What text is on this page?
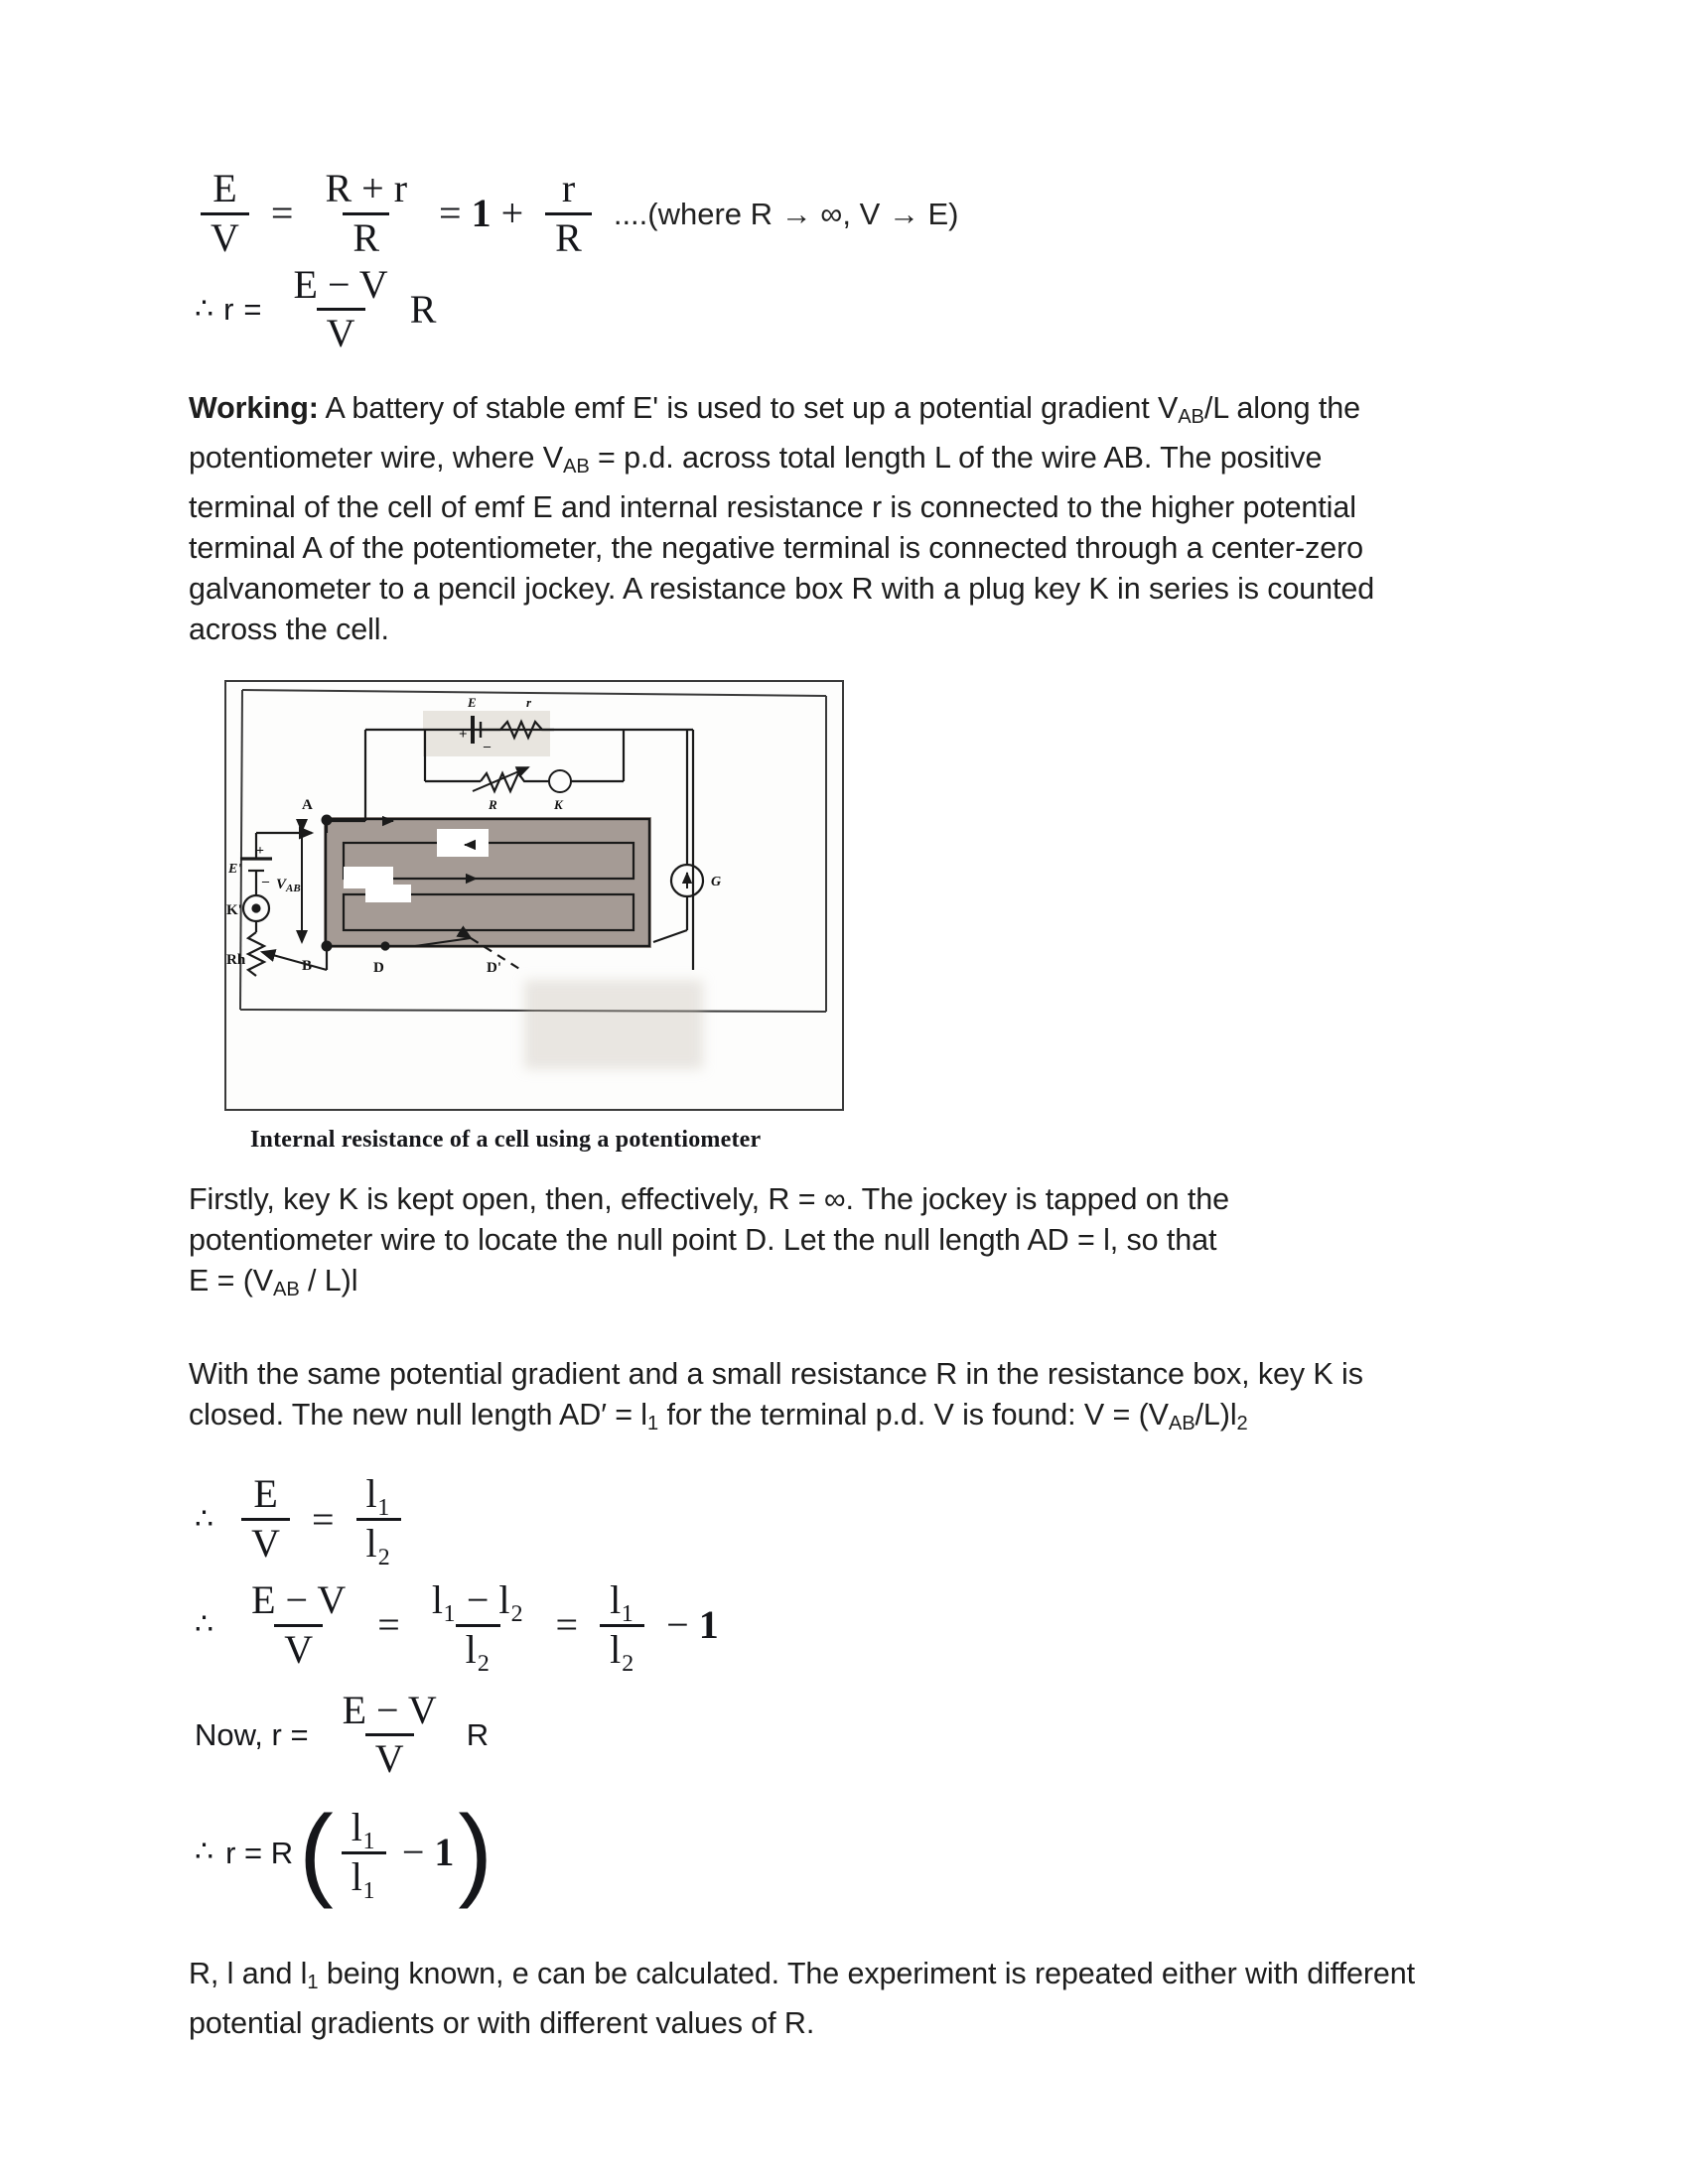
$\frac{E}{V} = \frac{R + r}{R} = 1 + \frac{r}{R}$ ....(where R → ∞, V → E)
∴ $r = \frac{E - V}{V}$ R
Working: A battery of stable emf E' is used to set up a potential gradient $V_{AB}/L$ along the potentiometer wire, where $V_{AB} = p.d$. across total length L of the wire AB. The positive terminal of the cell of emf E and internal resistance r is connected to the higher potential terminal A of the potentiometer, the negative terminal is connected through a center-zero galvanometer to a pencil jockey. A resistance box R with a plug key K in series is counted across the cell.
E
+ _
r
R	K
A
B
+
_
E'
K'
Rh
$V_{AB}$	G
D	D'
Internal resistance of a cell using a potentiometer
Firstly, key K is kept open, then, effectively, R = ∞. The jockey is tapped on the potentiometer wire to locate the null point D. Let the null length AD = l, so that
$E = (V_{AB} / L)l$
With the same potential gradient and a small resistance R in the resistance box, key K is closed. The new null length $AD' = l_1$ for the terminal p.d. V is found: $V = (V_{AB}/L)l_2$
∴ $\frac{E}{V} = \frac{\text{l₁}}{\text{l₂}}$
∴ $\frac{E - V}{V} = \frac{\text{l₁ − l₂}}{\text{l₂}} = \frac{\text{l₁}}{\text{l₂}} - 1$
Now, $r = \frac{E - V}{V}$ R
∴ r = R ( $\frac{\text{l₁}}{\text{l₁}} - 1$ )
R, l and $l_1$ being known, e can be calculated. The experiment is repeated either with different potential gradients or with different values of R.
